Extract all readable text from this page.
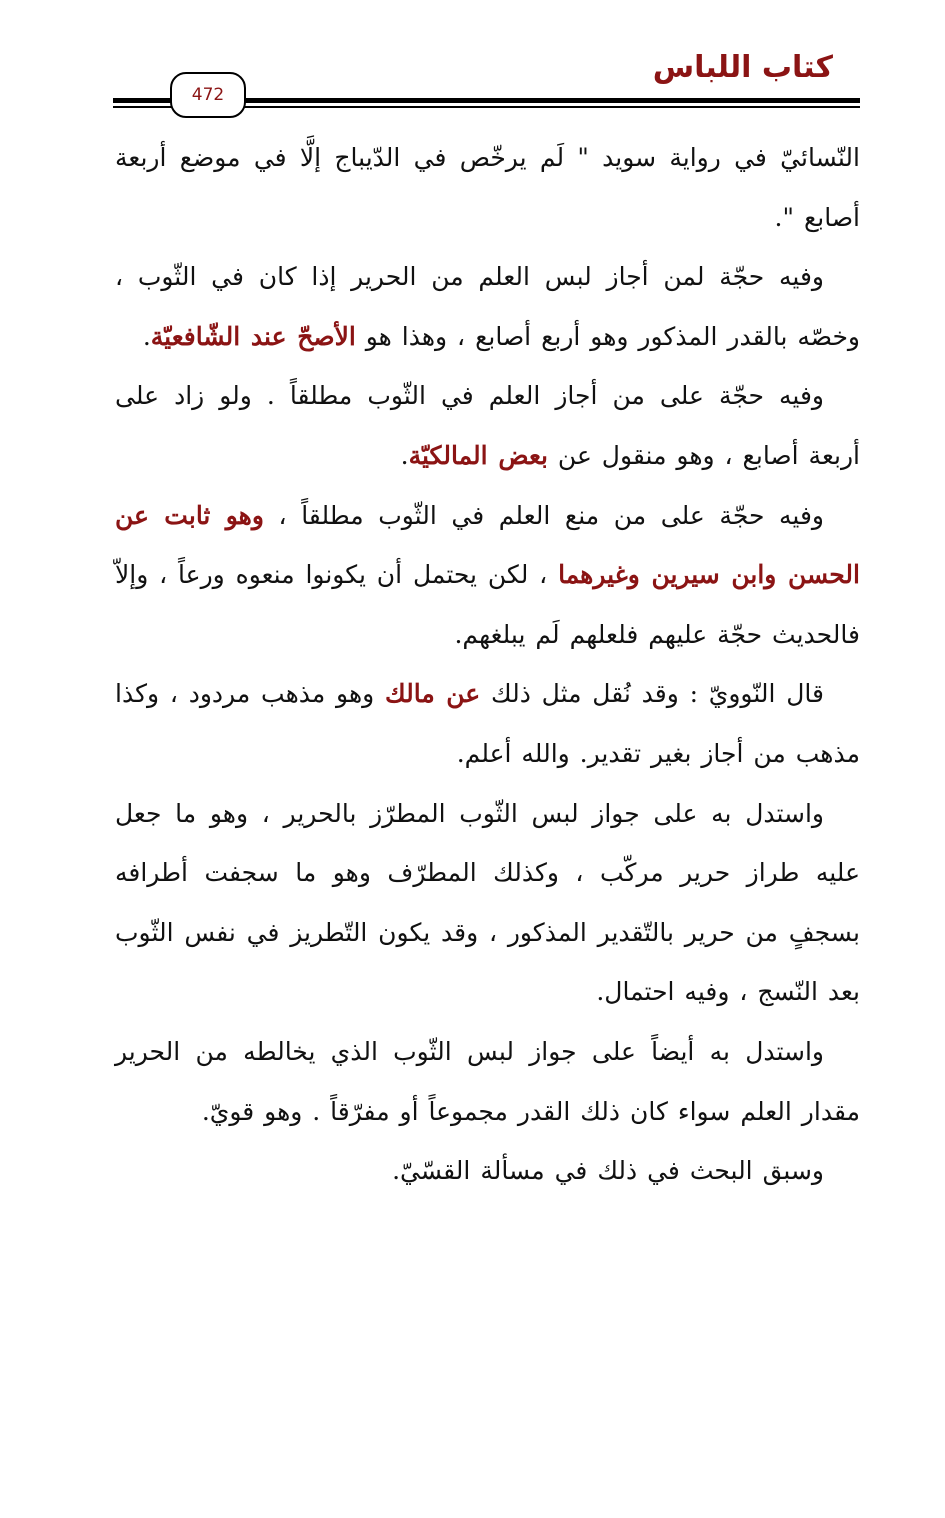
كتاب اللباس
472

النّسائيّ في رواية سويد " لَم يرخّص في الدّيباج إلَّا في موضع أربعة أصابع ".

وفيه حجّة لمن أجاز لبس العلم من الحرير إذا كان في الثّوب ، وخصّه بالقدر المذكور وهو أربع أصابع ، وهذا هو الأصحّ عند الشّافعيّة.

وفيه حجّة على من أجاز العلم في الثّوب مطلقاً . ولو زاد على أربعة أصابع ، وهو منقول عن بعض المالكيّة.

وفيه حجّة على من منع العلم في الثّوب مطلقاً ، وهو ثابت عن الحسن وابن سيرين وغيرهما ، لكن يحتمل أن يكونوا منعوه ورعاً ، وإلاّ فالحديث حجّة عليهم فلعلهم لَم يبلغهم.

قال النّوويّ : وقد نُقل مثل ذلك عن مالك وهو مذهب مردود ، وكذا مذهب من أجاز بغير تقدير. والله أعلم.

واستدل به على جواز لبس الثّوب المطرّز بالحرير ، وهو ما جعل عليه طراز حرير مركّب ، وكذلك المطرّف وهو ما سجفت أطرافه بسجفٍ من حرير بالتّقدير المذكور ، وقد يكون التّطريز في نفس الثّوب بعد النّسج ، وفيه احتمال.

واستدل به أيضاً على جواز لبس الثّوب الذي يخالطه من الحرير مقدار العلم سواء كان ذلك القدر مجموعاً أو مفرّقاً . وهو قويّ.

وسبق البحث في ذلك في مسألة القسّيّ.
